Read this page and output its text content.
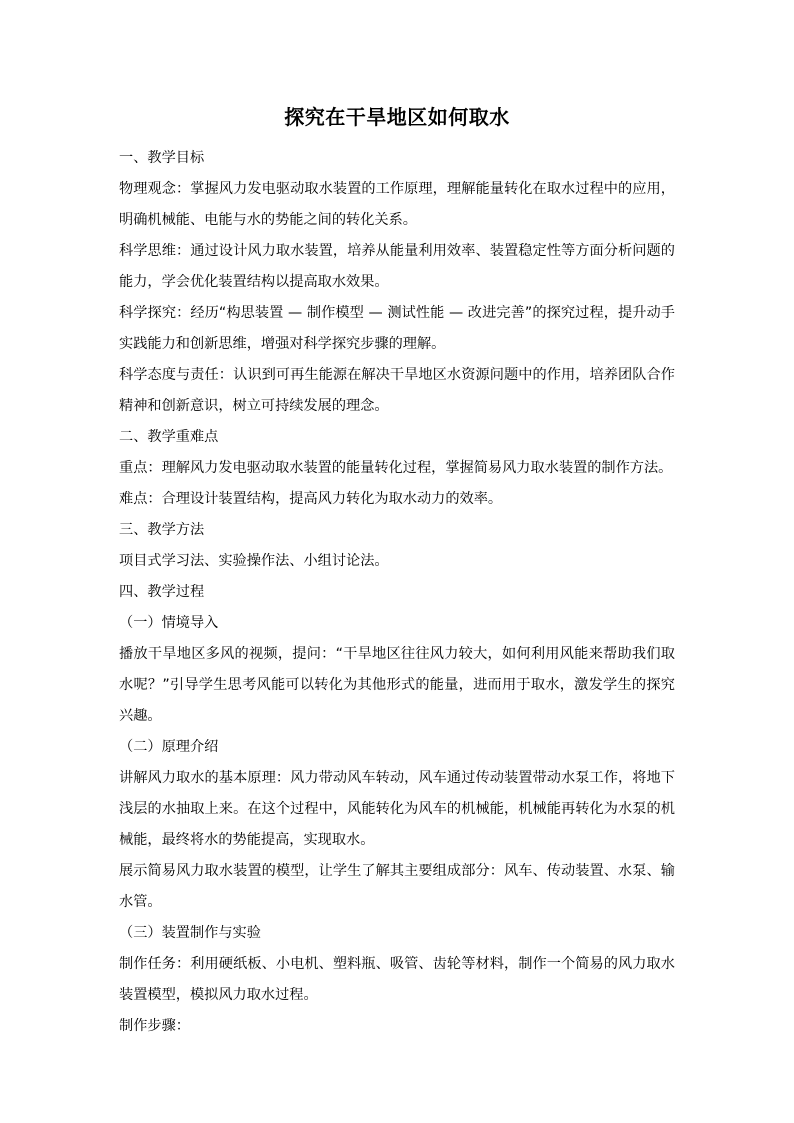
探究在干旱地区如何取水

一、教学目标

物理观念：掌握风力发电驱动取水装置的工作原理，理解能量转化在取水过程中的应用，明确机械能、电能与水的势能之间的转化关系。

科学思维：通过设计风力取水装置，培养从能量利用效率、装置稳定性等方面分析问题的能力，学会优化装置结构以提高取水效果。

科学探究：经历“构思装置 — 制作模型 — 测试性能 — 改进完善”的探究过程，提升动手实践能力和创新思维，增强对科学探究步骤的理解。

科学态度与责任：认识到可再生能源在解决干旱地区水资源问题中的作用，培养团队合作精神和创新意识，树立可持续发展的理念。

二、教学重难点

重点：理解风力发电驱动取水装置的能量转化过程，掌握简易风力取水装置的制作方法。

难点：合理设计装置结构，提高风力转化为取水动力的效率。

三、教学方法

项目式学习法、实验操作法、小组讨论法。

四、教学过程

（一）情境导入

播放干旱地区多风的视频，提问：“干旱地区往往风力较大，如何利用风能来帮助我们取水呢？”引导学生思考风能可以转化为其他形式的能量，进而用于取水，激发学生的探究兴趣。

（二）原理介绍

讲解风力取水的基本原理：风力带动风车转动，风车通过传动装置带动水泵工作，将地下浅层的水抽取上来。在这个过程中，风能转化为风车的机械能，机械能再转化为水泵的机械能，最终将水的势能提高，实现取水。

展示简易风力取水装置的模型，让学生了解其主要组成部分：风车、传动装置、水泵、输水管。

（三）装置制作与实验

制作任务：利用硬纸板、小电机、塑料瓶、吸管、齿轮等材料，制作一个简易的风力取水装置模型，模拟风力取水过程。

制作步骤：
